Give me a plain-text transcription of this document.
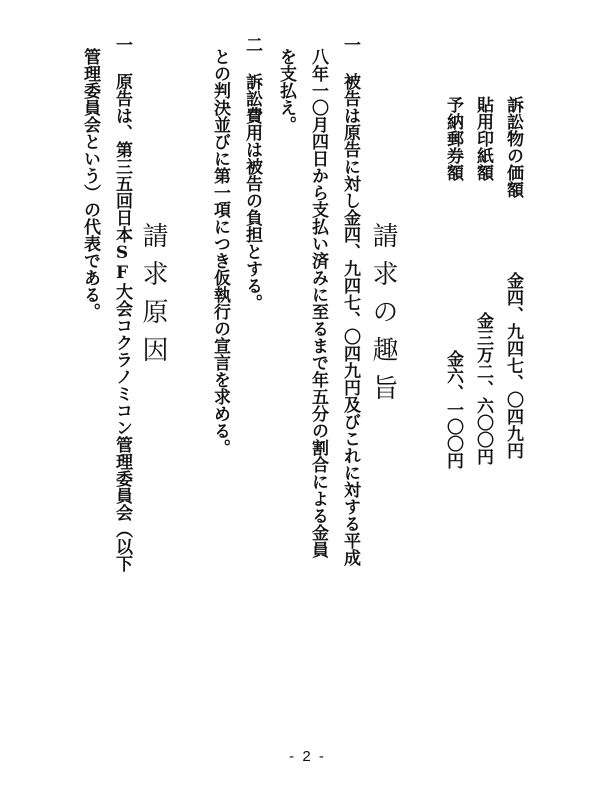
訴訟物の価額
金四、九四七、〇四九円
貼用印紙額
金三万二、六〇〇円
予納郵券額
金六、一〇〇円
請求の趣旨
一
被告は原告に対し金四、九四七、〇四九円及びこれに対する平成
八年一〇月四日から支払い済みに至るまで年五分の割合による金員
を支払え。
二
訴訟費用は被告の負担とする。
との判決並びに第一項につき仮執行の宣言を求める。
請求原因
一
原告は、第三五回日本SF大会コクラノミコン管理委員会（以下
管理委員会という）の代表である。
- 2 -
